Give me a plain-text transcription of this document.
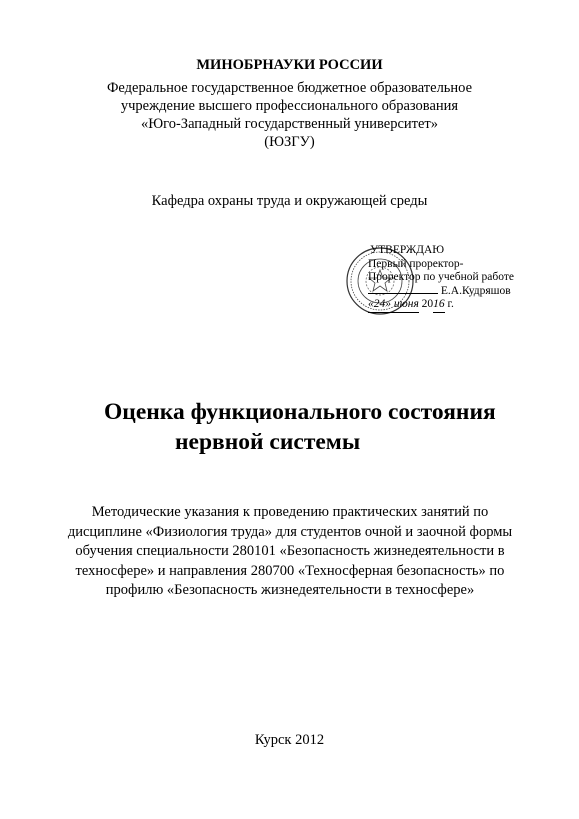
МИНОБРНАУКИ РОССИИ
Федеральное государственное бюджетное образовательное
учреждение высшего профессионального образования
«Юго-Западный государственный университет»
(ЮЗГУ)
Кафедра охраны труда и окружающей среды
УТВЕРЖДАЮ
Первый проректор-
Проректор по учебной работе
Е.А.Кудряшов
«24» июня 2016 г.
Оценка функционального состояния
нервной системы
Методические указания к проведению практических занятий по
дисциплине «Физиология труда» для студентов очной и заочной формы
обучения специальности 280101 «Безопасность жизнедеятельности в
техносфере» и направления 280700 «Техносферная безопасность» по
профилю «Безопасность жизнедеятельности в техносфере»
Курск 2012
